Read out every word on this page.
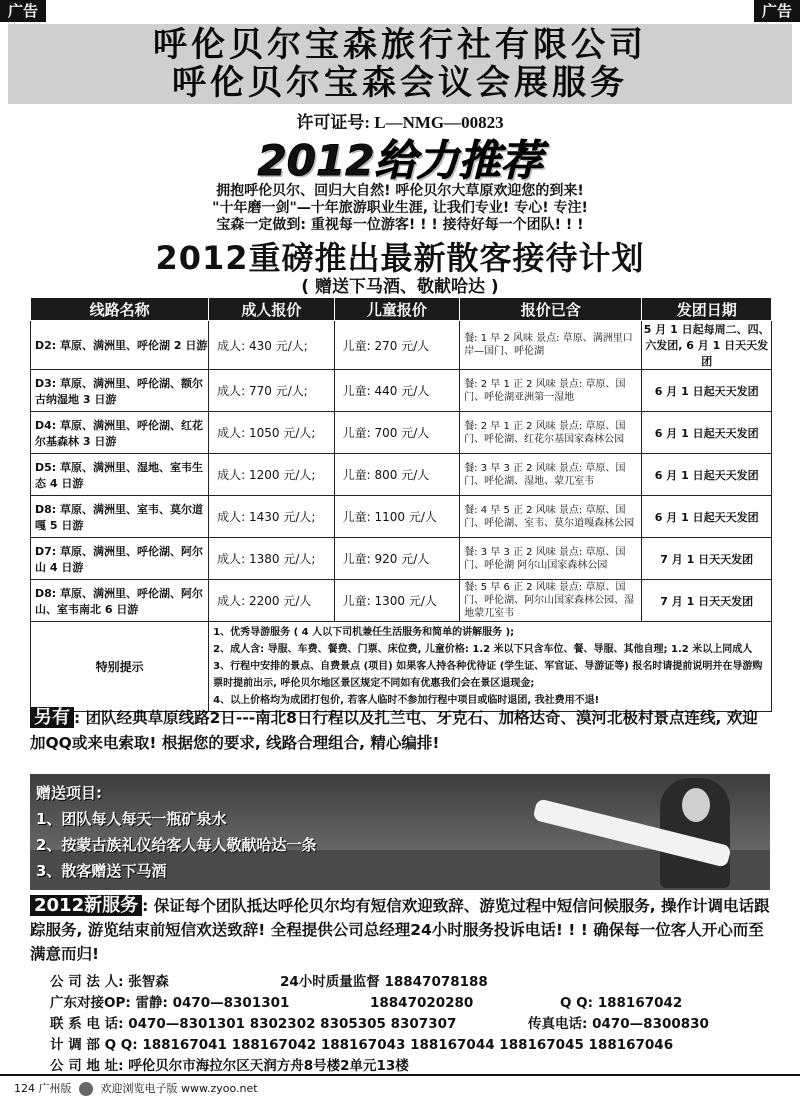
广告	广告
呼伦贝尔宝森旅行社有限公司
呼伦贝尔宝森会议会展服务
许可证号: L—NMG—00823
2012给力推荐
拥抱呼伦贝尔、回归大自然! 呼伦贝尔大草原欢迎您的到来!
"十年磨一剑"—十年旅游职业生涯, 让我们专业! 专心! 专注!
宝森一定做到: 重视每一位游客! ! ! 接待好每一个团队! ! !
2012重磅推出最新散客接待计划
( 赠送下马酒、敬献哈达 )
线路名称	成人报价	儿童报价	报价已含	发团日期
D2: 草原、满洲里、呼伦湖 2 日游	成人: 430 元/人;	儿童: 270 元/人	餐: 1 早 2 风味 景点: 草原、满洲里口岸—国门、呼伦湖	5 月 1 日起每周二、四、六发团, 6 月 1 日天天发团
D3: 草原、满洲里、呼伦湖、额尔古纳湿地 3 日游	成人: 770 元/人;	儿童: 440 元/人	餐: 2 早 1 正 2 风味 景点: 草原、国门、呼伦湖亚洲第一湿地	6 月 1 日起天天发团
D4: 草原、满洲里、呼伦湖、红花尔基森林 3 日游	成人: 1050 元/人;	儿童: 700 元/人	餐: 2 早 1 正 2 风味 景点: 草原、国门、呼伦湖、红花尔基国家森林公园	6 月 1 日起天天发团
D5: 草原、满洲里、湿地、室韦生态 4 日游	成人: 1200 元/人;	儿童: 800 元/人	餐: 3 早 3 正 2 风味 景点: 草原、国门、呼伦湖、湿地、蒙兀室韦	6 月 1 日起天天发团
D8: 草原、满洲里、室韦、莫尔道嘎 5 日游	成人: 1430 元/人;	儿童: 1100 元/人	餐: 4 早 5 正 2 风味 景点: 草原、国门、呼伦湖、室韦、莫尔道嘎森林公园	6 月 1 日起天天发团
D7: 草原、满洲里、呼伦湖、阿尔山 4 日游	成人: 1380 元/人;	儿童: 920 元/人	餐: 3 早 3 正 2 风味 景点: 草原、国门、呼伦湖 阿尔山国家森林公园	7 月 1 日天天发团
D8: 草原、满洲里、呼伦湖、阿尔山、室韦南北 6 日游	成人: 2200 元/人	儿童: 1300 元/人	餐: 5 早 6 正 2 风味 景点: 草原、国门、呼伦湖、阿尔山国家森林公园、湿地蒙兀室韦	7 月 1 日天天发团
特别提示	1、优秀导游服务 ( 4 人以下司机兼任生活服务和简单的讲解服务 );
2、成人含: 导服、车费、餐费、门票、床位费, 儿童价格: 1.2 米以下只含车位、餐、导服、其他自理; 1.2 米以上同成人
3、行程中安排的景点、自费景点 (项目) 如果客人持各种优待证 (学生证、军官证、导游证等) 报名时请提前说明并在导游购票时提前出示, 呼伦贝尔地区景区规定不同如有优惠我们会在景区退现金;
4、以上价格均为成团打包价, 若客人临时不参加行程中项目或临时退团, 我社费用不退!			
另有 : 团队经典草原线路2日---南北8日行程以及扎兰屯、牙克石、加格达奇、漠河北极村景点连线, 欢迎加QQ或来电索取! 根据您的要求, 线路合理组合, 精心编排!
赠送项目:
1、团队每人每天一瓶矿泉水
2、按蒙古族礼仪给客人每人敬献哈达一条
3、散客赠送下马酒
2012新服务 : 保证每个团队抵达呼伦贝尔均有短信欢迎致辞、游览过程中短信问候服务, 操作计调电话跟踪服务, 游览结束前短信欢送致辞! 全程提供公司总经理24小时服务投诉电话! ! ! 确保每一位客人开心而至满意而归!
公 司 法 人: 张智森	24小时质量监督 18847078188
广东对接OP: 雷静: 0470—8301301	18847020280	Q Q: 188167042
联 系 电 话: 0470—8301301 8302302 8305305 8307307	传真电话: 0470—8300830
计 调 部 Q Q: 188167041 188167042 188167043 188167044 188167045 188167046
公 司 地 址: 呼伦贝尔市海拉尔区天润方舟8号楼2单元13楼
124 广州版	欢迎浏览电子版 www.zyoo.net
